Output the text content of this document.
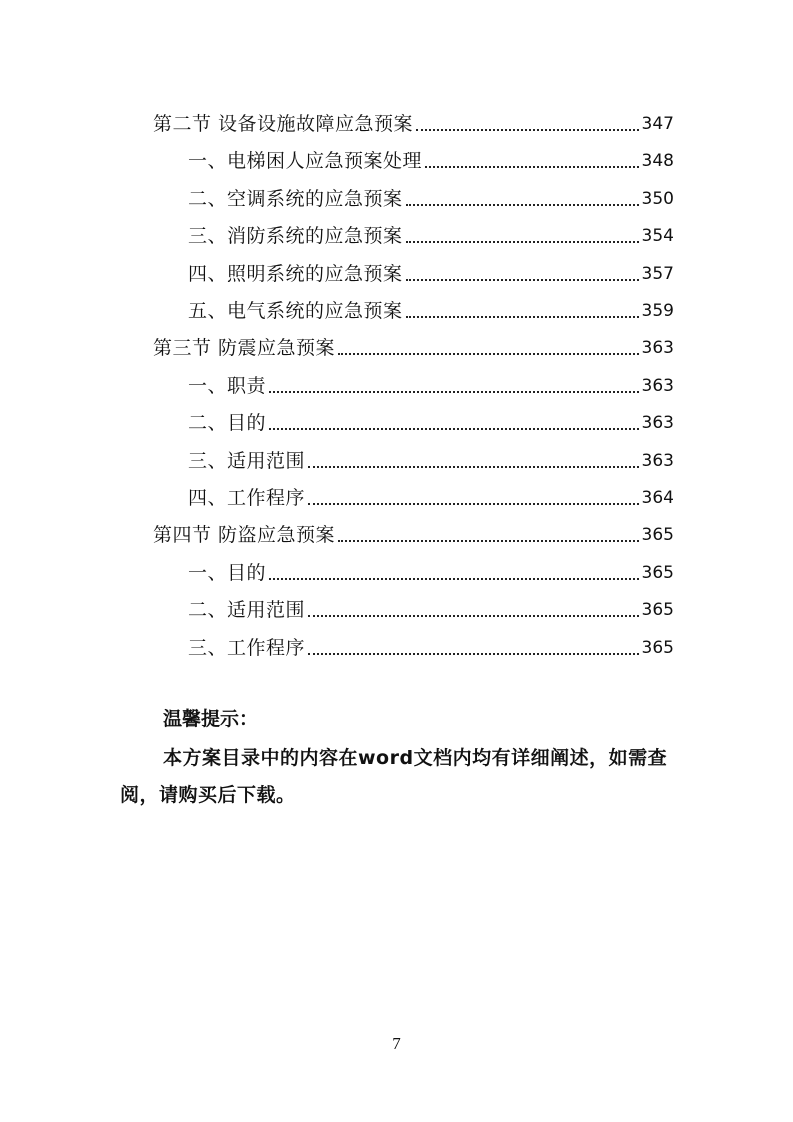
第二节 设备设施故障应急预案	347
一、电梯困人应急预案处理	348
二、空调系统的应急预案	350
三、消防系统的应急预案	354
四、照明系统的应急预案	357
五、电气系统的应急预案	359
第三节 防震应急预案	363
一、职责	363
二、目的	363
三、适用范围	363
四、工作程序	364
第四节 防盗应急预案	365
一、目的	365
二、适用范围	365
三、工作程序	365
温馨提示：
本方案目录中的内容在word文档内均有详细阐述，如需查阅，请购买后下载。
7
